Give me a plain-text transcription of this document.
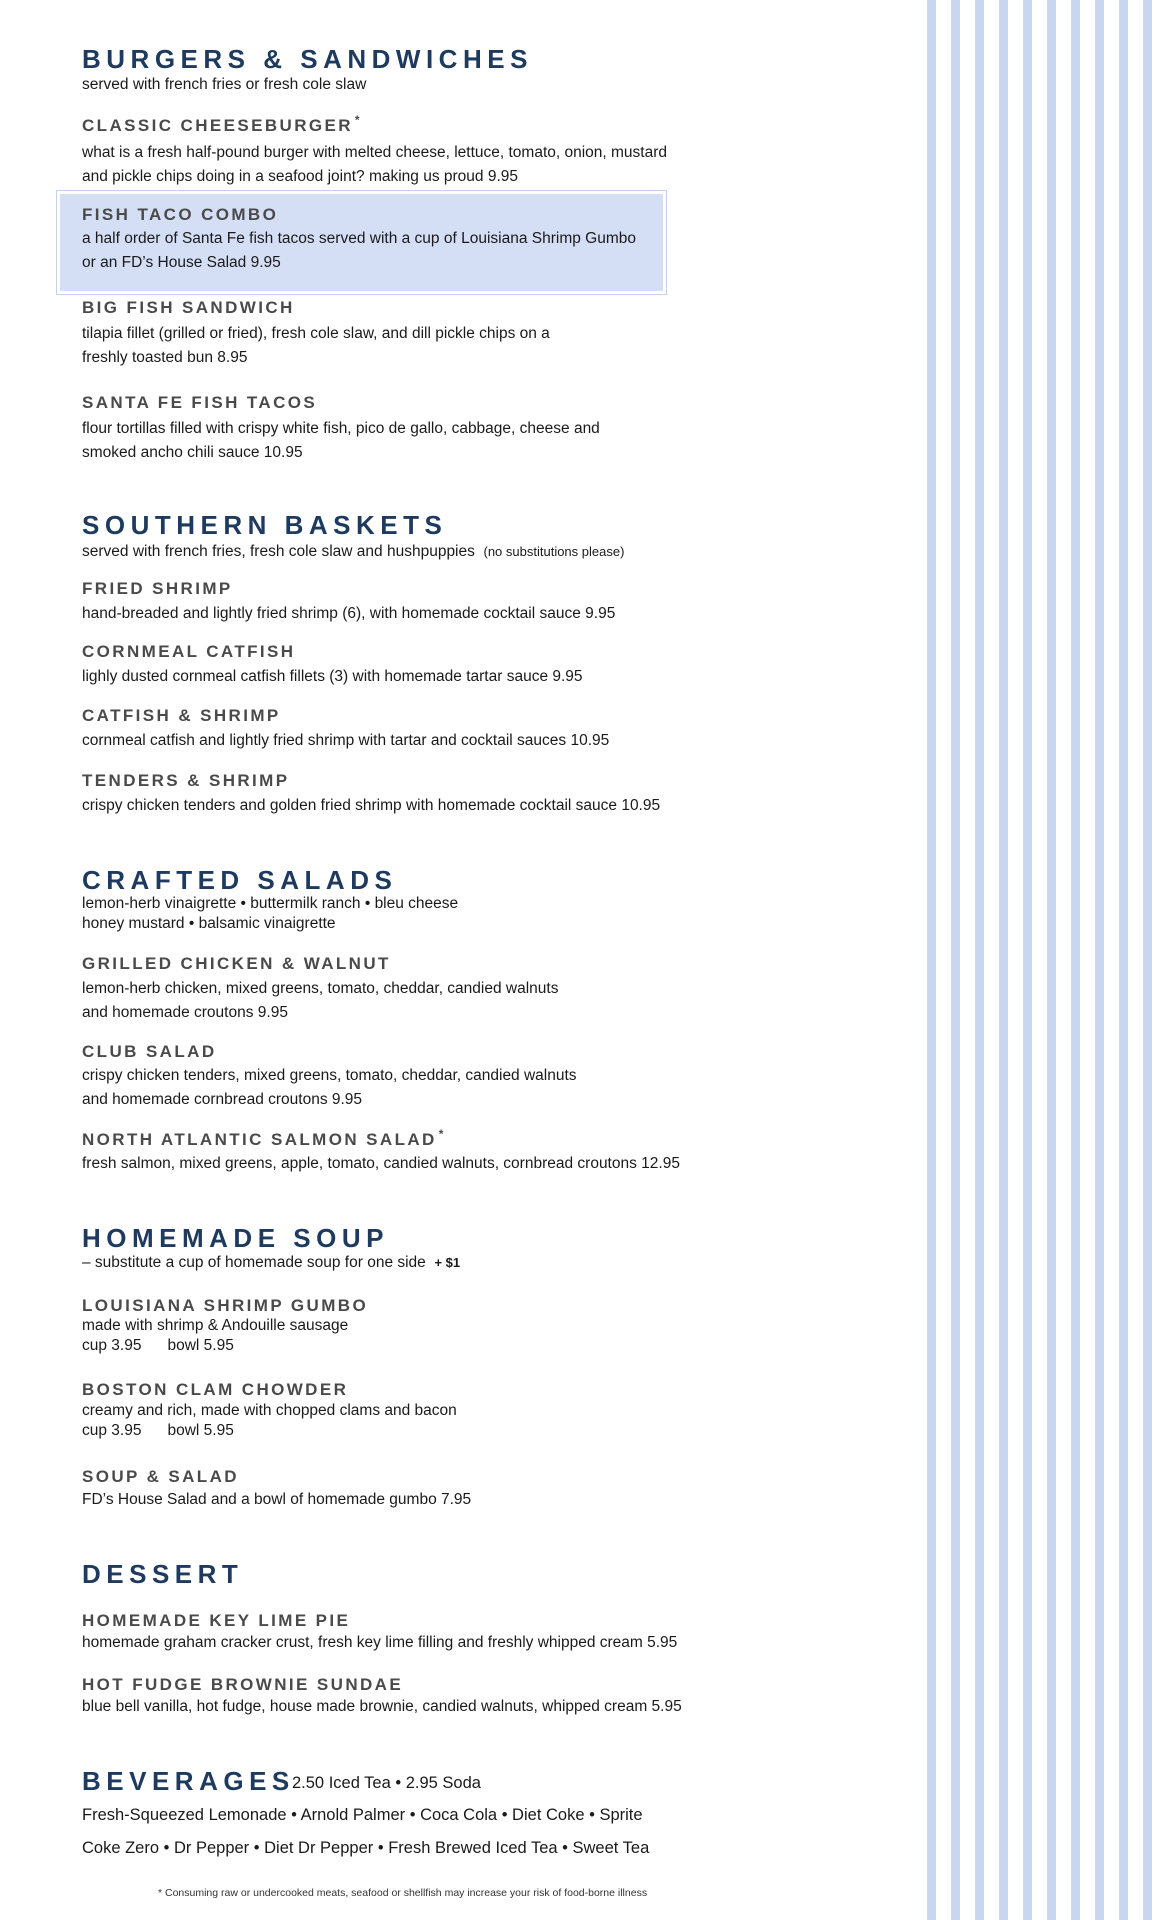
BURGERS & SANDWICHES
served with french fries or fresh cole slaw
CLASSIC CHEESEBURGER *
what is a fresh half-pound burger with melted cheese, lettuce, tomato, onion, mustard
and pickle chips doing in a seafood joint? making us proud 9.95
FISH TACO COMBO
a half order of Santa Fe fish tacos served with a cup of Louisiana Shrimp Gumbo
or an FD’s House Salad 9.95
BIG FISH SANDWICH
tilapia fillet (grilled or fried), fresh cole slaw, and dill pickle chips on a
freshly toasted bun 8.95
SANTA FE FISH TACOS
flour tortillas filled with crispy white fish, pico de gallo, cabbage, cheese and
smoked ancho chili sauce 10.95
SOUTHERN BASKETS
served with french fries, fresh cole slaw and hushpuppies (no substitutions please)
FRIED SHRIMP
hand-breaded and lightly fried shrimp (6), with homemade cocktail sauce 9.95
CORNMEAL CATFISH
lighly dusted cornmeal catfish fillets (3) with homemade tartar sauce 9.95
CATFISH & SHRIMP
cornmeal catfish and lightly fried shrimp with tartar and cocktail sauces 10.95
TENDERS & SHRIMP
crispy chicken tenders and golden fried shrimp with homemade cocktail sauce 10.95
CRAFTED SALADS
lemon-herb vinaigrette • buttermilk ranch • bleu cheese
honey mustard • balsamic vinaigrette
GRILLED CHICKEN & WALNUT
lemon-herb chicken, mixed greens, tomato, cheddar, candied walnuts
and homemade croutons 9.95
CLUB SALAD
crispy chicken tenders, mixed greens, tomato, cheddar, candied walnuts
and homemade cornbread croutons 9.95
NORTH ATLANTIC SALMON SALAD *
fresh salmon, mixed greens, apple, tomato, candied walnuts, cornbread croutons 12.95
HOMEMADE SOUP
– substitute a cup of homemade soup for one side + $1
LOUISIANA SHRIMP GUMBO
made with shrimp & Andouille sausage
cup 3.95 bowl 5.95
BOSTON CLAM CHOWDER
creamy and rich, made with chopped clams and bacon
cup 3.95 bowl 5.95
SOUP & SALAD
FD’s House Salad and a bowl of homemade gumbo 7.95
DESSERT
HOMEMADE KEY LIME PIE
homemade graham cracker crust, fresh key lime filling and freshly whipped cream 5.95
HOT FUDGE BROWNIE SUNDAE
blue bell vanilla, hot fudge, house made brownie, candied walnuts, whipped cream 5.95
BEVERAGES
2.50 Iced Tea • 2.95 Soda
Fresh-Squeezed Lemonade • Arnold Palmer • Coca Cola • Diet Coke • Sprite
Coke Zero • Dr Pepper • Diet Dr Pepper • Fresh Brewed Iced Tea • Sweet Tea
* Consuming raw or undercooked meats, seafood or shellfish may increase your risk of food-borne illness
